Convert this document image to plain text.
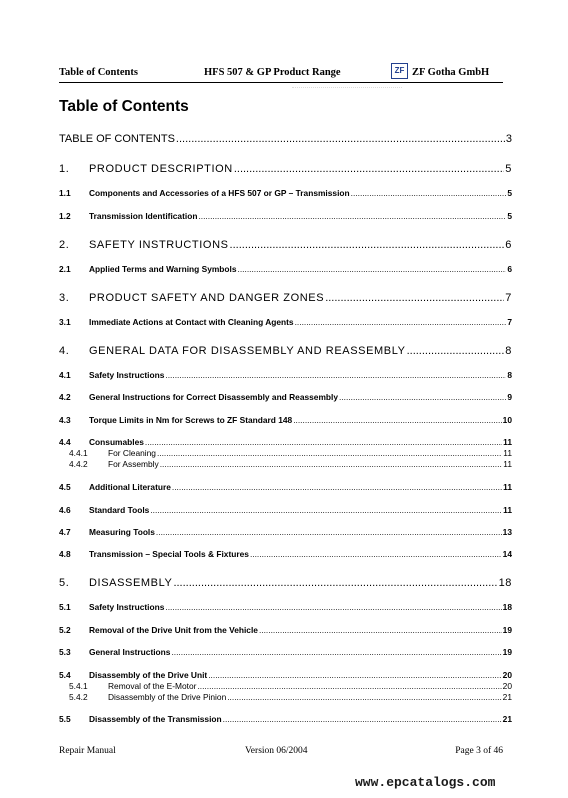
Table of Contents	HFS 507 & GP Product Range	ZF ZF Gotha GmbH
Table of Contents
TABLE OF CONTENTS .....	3
1.	PRODUCT DESCRIPTION .....	5
1.1	Components and Accessories of a HFS 507 or GP – Transmission .....	5
1.2	Transmission Identification .....	5
2.	SAFETY INSTRUCTIONS .....	6
2.1	Applied Terms and Warning Symbols .....	6
3.	PRODUCT SAFETY AND DANGER ZONES .....	7
3.1	Immediate Actions at Contact with Cleaning Agents .....	7
4.	GENERAL DATA FOR DISASSEMBLY AND REASSEMBLY .....	8
4.1	Safety Instructions .....	8
4.2	General Instructions for Correct Disassembly and Reassembly .....	9
4.3	Torque Limits in Nm for Screws to ZF Standard 148 .....	10
4.4	Consumables .....	11
4.4.1	For Cleaning .....	11
4.4.2	For Assembly .....	11
4.5	Additional Literature .....	11
4.6	Standard Tools .....	11
4.7	Measuring Tools .....	13
4.8	Transmission – Special Tools & Fixtures .....	14
5.	DISASSEMBLY .....	18
5.1	Safety Instructions .....	18
5.2	Removal of the Drive Unit from the Vehicle .....	19
5.3	General Instructions .....	19
5.4	Disassembly of the Drive Unit .....	20
5.4.1	Removal of the E-Motor .....	20
5.4.2	Disassembly of the Drive Pinion .....	21
5.5	Disassembly of the Transmission .....	21
Repair Manual	Version 06/2004	Page 3 of 46
www.epcatalogs.com
